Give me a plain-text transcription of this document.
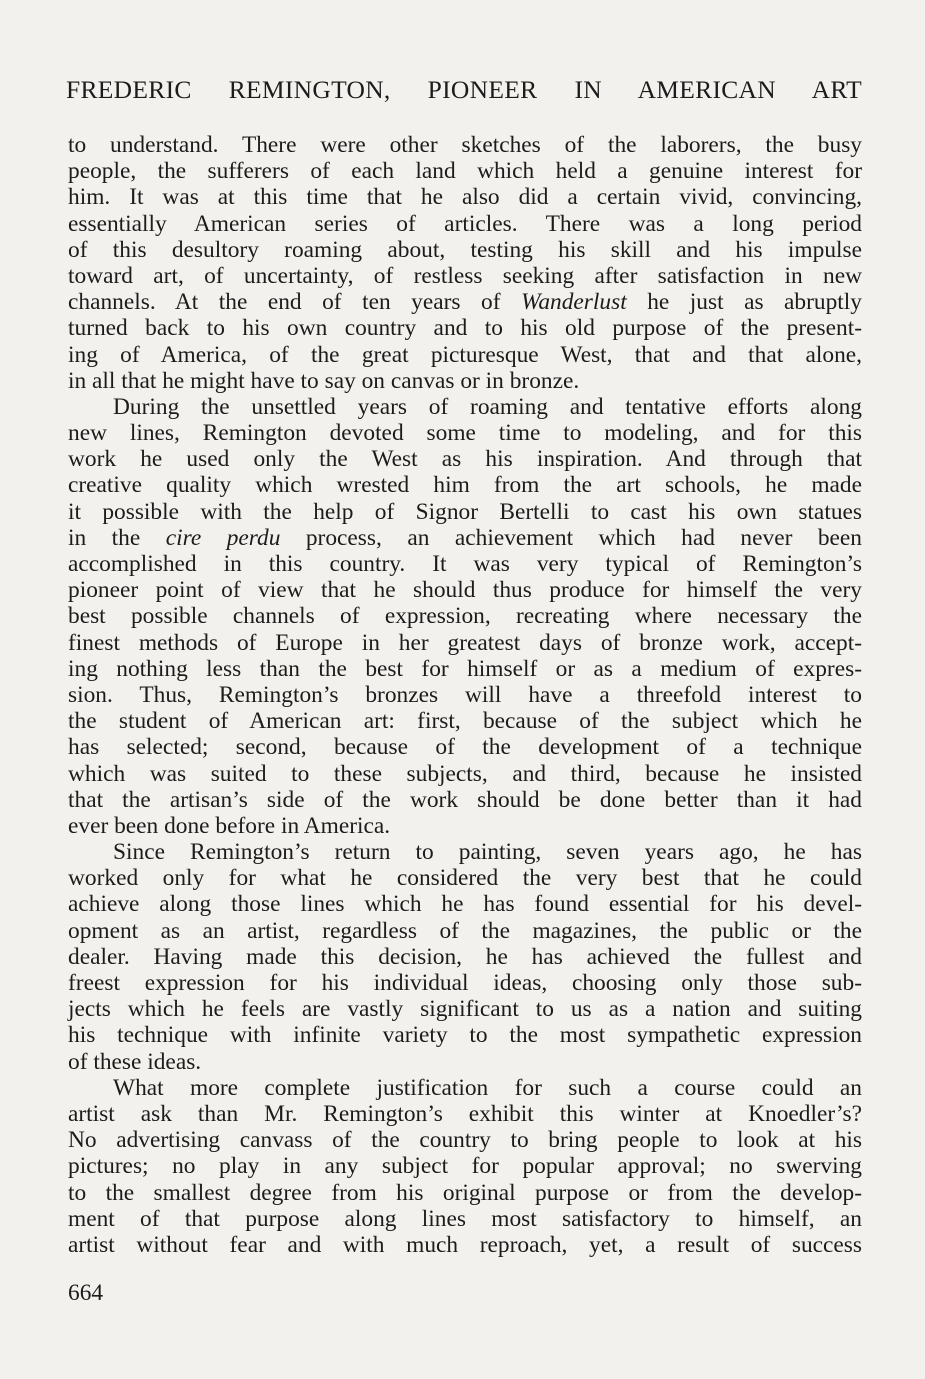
FREDERIC REMINGTON, PIONEER IN AMERICAN ART
to understand. There were other sketches of the laborers, the busy
people, the sufferers of each land which held a genuine interest for
him. It was at this time that he also did a certain vivid, convincing,
essentially American series of articles. There was a long period
of this desultory roaming about, testing his skill and his impulse
toward art, of uncertainty, of restless seeking after satisfaction in new
channels. At the end of ten years of Wanderlust he just as abruptly
turned back to his own country and to his old purpose of the present-
ing of America, of the great picturesque West, that and that alone,
in all that he might have to say on canvas or in bronze.
During the unsettled years of roaming and tentative efforts along
new lines, Remington devoted some time to modeling, and for this
work he used only the West as his inspiration. And through that
creative quality which wrested him from the art schools, he made
it possible with the help of Signor Bertelli to cast his own statues
in the cire perdu process, an achievement which had never been
accomplished in this country. It was very typical of Remington’s
pioneer point of view that he should thus produce for himself the very
best possible channels of expression, recreating where necessary the
finest methods of Europe in her greatest days of bronze work, accept-
ing nothing less than the best for himself or as a medium of expres-
sion. Thus, Remington’s bronzes will have a threefold interest to
the student of American art: first, because of the subject which he
has selected; second, because of the development of a technique
which was suited to these subjects, and third, because he insisted
that the artisan’s side of the work should be done better than it had
ever been done before in America.
Since Remington’s return to painting, seven years ago, he has
worked only for what he considered the very best that he could
achieve along those lines which he has found essential for his devel-
opment as an artist, regardless of the magazines, the public or the
dealer. Having made this decision, he has achieved the fullest and
freest expression for his individual ideas, choosing only those sub-
jects which he feels are vastly significant to us as a nation and suiting
his technique with infinite variety to the most sympathetic expression
of these ideas.
What more complete justification for such a course could an
artist ask than Mr. Remington’s exhibit this winter at Knoedler’s?
No advertising canvass of the country to bring people to look at his
pictures; no play in any subject for popular approval; no swerving
to the smallest degree from his original purpose or from the develop-
ment of that purpose along lines most satisfactory to himself, an
artist without fear and with much reproach, yet, a result of success
664
